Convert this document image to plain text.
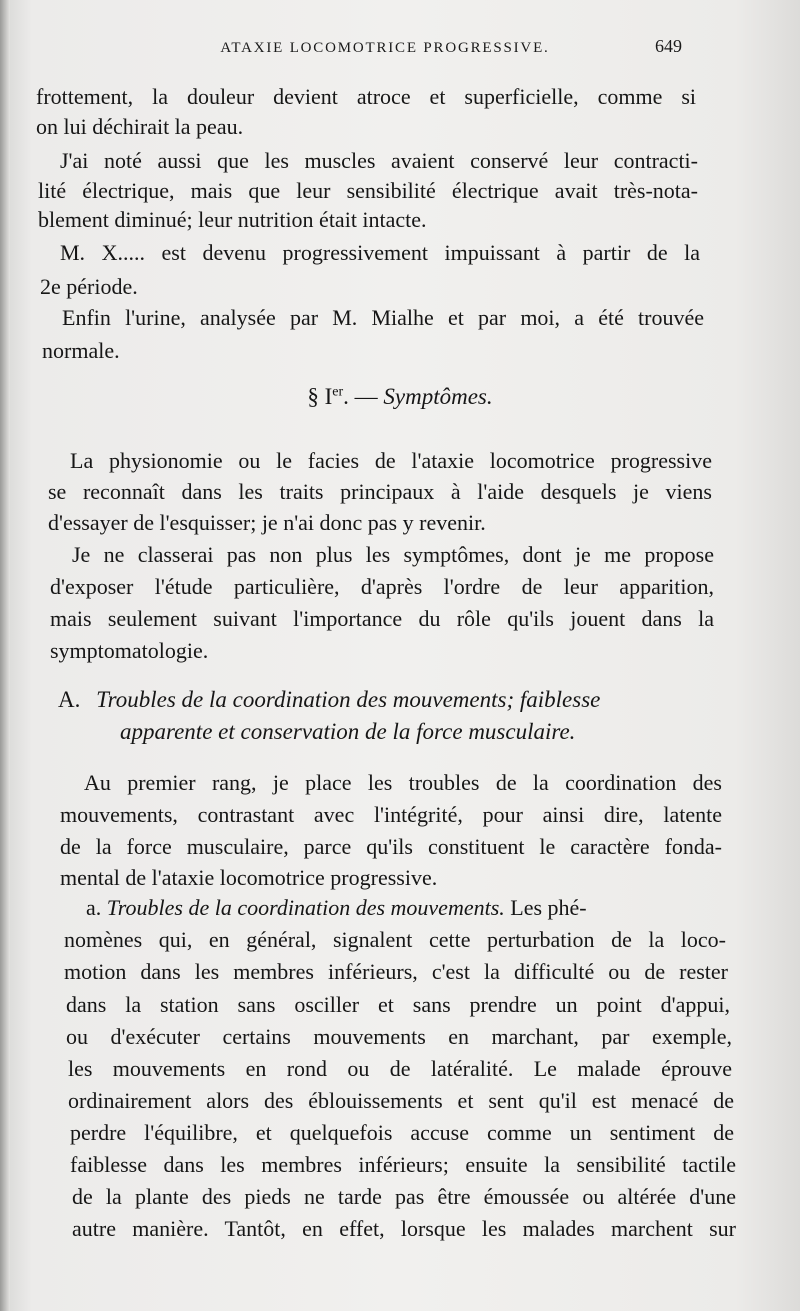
ATAXIE LOCOMOTRICE PROGRESSIVE.	649
frottement, la douleur devient atroce et superficielle, comme si
on lui déchirait la peau.
J'ai noté aussi que les muscles avaient conservé leur contracti-
lité électrique, mais que leur sensibilité électrique avait très-nota-
blement diminué; leur nutrition était intacte.
M. X..... est devenu progressivement impuissant à partir de la
2e période.
Enfin l'urine, analysée par M. Mialhe et par moi, a été trouvée
normale.
§ Ier. — Symptômes.
La physionomie ou le facies de l'ataxie locomotrice progressive
se reconnaît dans les traits principaux à l'aide desquels je viens
d'essayer de l'esquisser; je n'ai donc pas y revenir.
Je ne classerai pas non plus les symptômes, dont je me propose
d'exposer l'étude particulière, d'après l'ordre de leur apparition,
mais seulement suivant l'importance du rôle qu'ils jouent dans la
symptomatologie.
A. Troubles de la coordination des mouvements; faiblesse
apparente et conservation de la force musculaire.
Au premier rang, je place les troubles de la coordination des
mouvements, contrastant avec l'intégrité, pour ainsi dire, latente
de la force musculaire, parce qu'ils constituent le caractère fonda-
mental de l'ataxie locomotrice progressive.
a. Troubles de la coordination des mouvements. Les phé-
nomènes qui, en général, signalent cette perturbation de la loco-
motion dans les membres inférieurs, c'est la difficulté ou de rester
dans la station sans osciller et sans prendre un point d'appui,
ou d'exécuter certains mouvements en marchant, par exemple,
les mouvements en rond ou de latéralité. Le malade éprouve
ordinairement alors des éblouissements et sent qu'il est menacé de
perdre l'équilibre, et quelquefois accuse comme un sentiment de
faiblesse dans les membres inférieurs; ensuite la sensibilité tactile
de la plante des pieds ne tarde pas être émoussée ou altérée d'une
autre manière. Tantôt, en effet, lorsque les malades marchent sur
